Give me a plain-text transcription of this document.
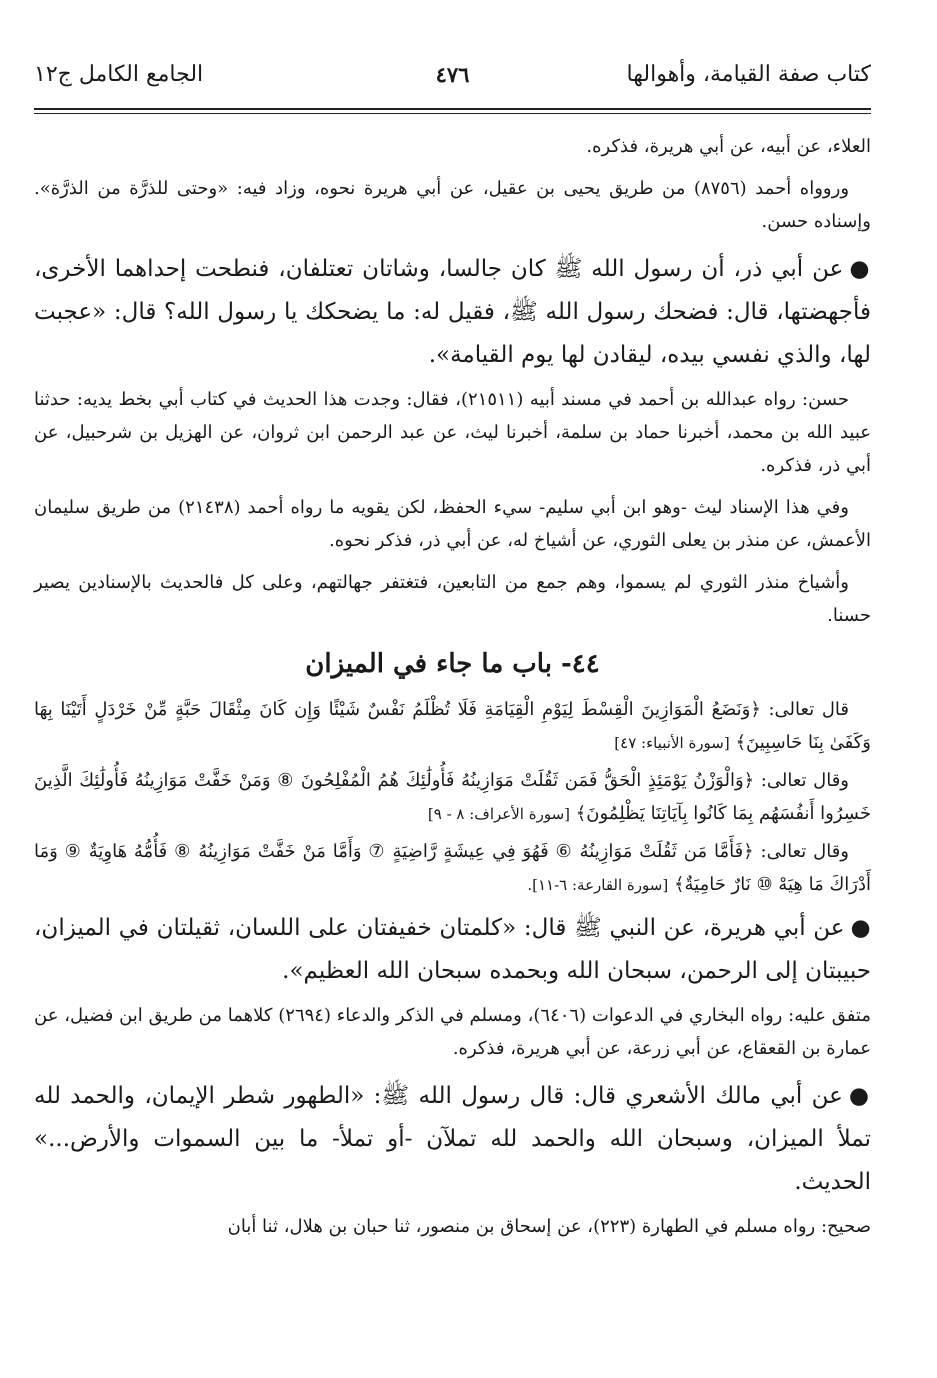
كتاب صفة القيامة، وأهوالها
٤٧٦
الجامع الكامل ج١٢

العلاء، عن أبيه، عن أبي هريرة، فذكره.

وروواه أحمد (٨٧٥٦) من طريق يحيى بن عقيل، عن أبي هريرة نحوه، وزاد فيه: «وحتى للذرَّة من الذرَّة». وإسناده حسن.

●عن أبي ذر، أن رسول الله ﷺ كان جالسا، وشاتان تعتلفان، فنطحت إحداهما الأخرى، فأجهضتها، قال: فضحك رسول الله ﷺ، فقيل له: ما يضحكك يا رسول الله؟ قال: «عجبت لها، والذي نفسي بيده، ليقادن لها يوم القيامة».

حسن: رواه عبدالله بن أحمد في مسند أبيه (٢١٥١١)، فقال: وجدت هذا الحديث في كتاب أبي بخط يديه: حدثنا عبيد الله بن محمد، أخبرنا حماد بن سلمة، أخبرنا ليث، عن عبد الرحمن ابن ثروان، عن الهزيل بن شرحبيل، عن أبي ذر، فذكره.

وفي هذا الإسناد ليث -وهو ابن أبي سليم- سيء الحفظ، لكن يقويه ما رواه أحمد (٢١٤٣٨) من طريق سليمان الأعمش، عن منذر بن يعلى الثوري، عن أشياخ له، عن أبي ذر، فذكر نحوه.

وأشياخ منذر الثوري لم يسموا، وهم جمع من التابعين، فتغتفر جهالتهم، وعلى كل فالحديث بالإسنادين يصير حسنا.

٤٤- باب ما جاء في الميزان

قال تعالى: ﴿وَنَضَعُ الْمَوَازِينَ الْقِسْطَ لِيَوْمِ الْقِيَامَةِ فَلَا تُظْلَمُ نَفْسٌ شَيْئًا وَإِن كَانَ مِثْقَالَ حَبَّةٍ مِّنْ خَرْدَلٍ أَتَيْنَا بِهَا وَكَفَىٰ بِنَا حَاسِبِينَ﴾ [سورة الأنبياء: ٤٧]

وقال تعالى: ﴿وَالْوَزْنُ يَوْمَئِذٍ الْحَقُّ فَمَن ثَقُلَتْ مَوَازِينُهُ فَأُولَٰئِكَ هُمُ الْمُفْلِحُونَ ⑧ وَمَنْ خَفَّتْ مَوَازِينُهُ فَأُولَٰئِكَ الَّذِينَ خَسِرُوا أَنفُسَهُم بِمَا كَانُوا بِآيَاتِنَا يَظْلِمُونَ﴾ [سورة الأعراف: ٨ - ٩]

وقال تعالى: ﴿فَأَمَّا مَن ثَقُلَتْ مَوَازِينُهُ ⑥ فَهُوَ فِي عِيشَةٍ رَّاضِيَةٍ ⑦ وَأَمَّا مَنْ خَفَّتْ مَوَازِينُهُ ⑧ فَأُمُّهُ هَاوِيَةٌ ⑨ وَمَا أَدْرَاكَ مَا هِيَهْ ⑩ نَارٌ حَامِيَةٌ﴾ [سورة القارعة: ٦-١١].

●عن أبي هريرة، عن النبي ﷺ قال: «كلمتان خفيفتان على اللسان، ثقيلتان في الميزان، حبيبتان إلى الرحمن، سبحان الله وبحمده سبحان الله العظيم».

متفق عليه: رواه البخاري في الدعوات (٦٤٠٦)، ومسلم في الذكر والدعاء (٢٦٩٤) كلاهما من طريق ابن فضيل، عن عمارة بن القعقاع، عن أبي زرعة، عن أبي هريرة، فذكره.

●عن أبي مالك الأشعري قال: قال رسول الله ﷺ: «الطهور شطر الإيمان، والحمد لله تملأ الميزان، وسبحان الله والحمد لله تملآن -أو تملأ- ما بين السموات والأرض...» الحديث.

صحيح: رواه مسلم في الطهارة (٢٢٣)، عن إسحاق بن منصور، ثنا حبان بن هلال، ثنا أبان
